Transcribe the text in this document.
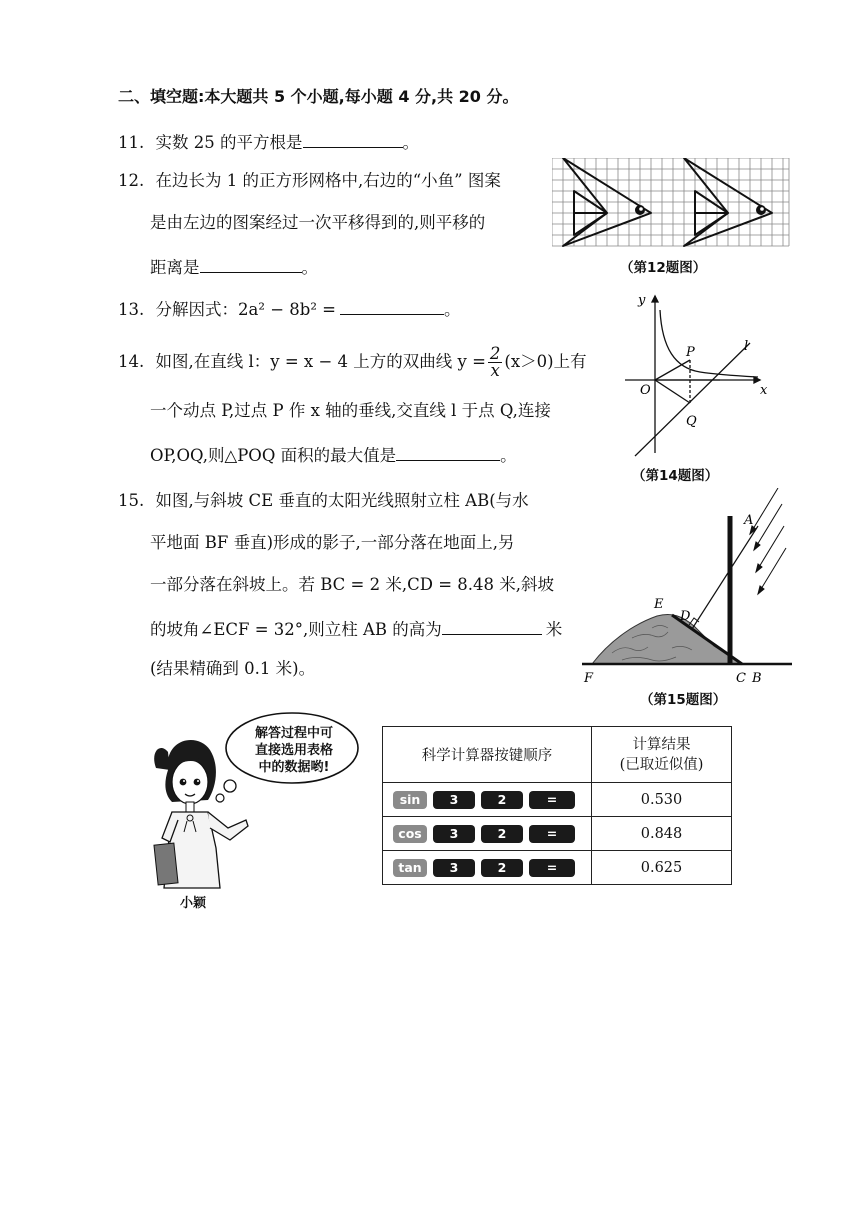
二、填空题:本大题共 5 个小题,每小题 4 分,共 20 分。
11. 实数 25 的平方根是	。
12. 在边长为 1 的正方形网格中,右边的“小鱼” 图案
是由左边的图案经过一次平移得到的,则平移的
距离是	。	（第12题图）
13. 分解因式：2a² − 8b² =	。
14. 如图,在直线 l：y = x − 4 上方的双曲线 $y = \frac{2}{x} (x>0)$上有
一个动点 P,过点 P 作 x 轴的垂线,交直线 l 于点 Q,连接
OP,OQ,则△POQ 面积的最大值是	。
y
x
O
P
Q
l
（第14题图）
15. 如图,与斜坡 CE 垂直的太阳光线照射立柱 AB(与水
平地面 BF 垂直)形成的影子,一部分落在地面上,另
一部分落在斜坡上。若 BC = 2 米,CD = 8.48 米,斜坡
的坡角∠ECF = 32°,则立柱 AB 的高为	米
(结果精确到 0.1 米)。
A
E
D
F	C B
（第15题图）
解答过程中可
直接选用表格
中的数据哟!
小颖
科学计算器按键顺序	计算结果
(已取近似值)

sin 3 2 =	0.530
cos 3 2 =	0.848
tan 3 2 =	0.625
